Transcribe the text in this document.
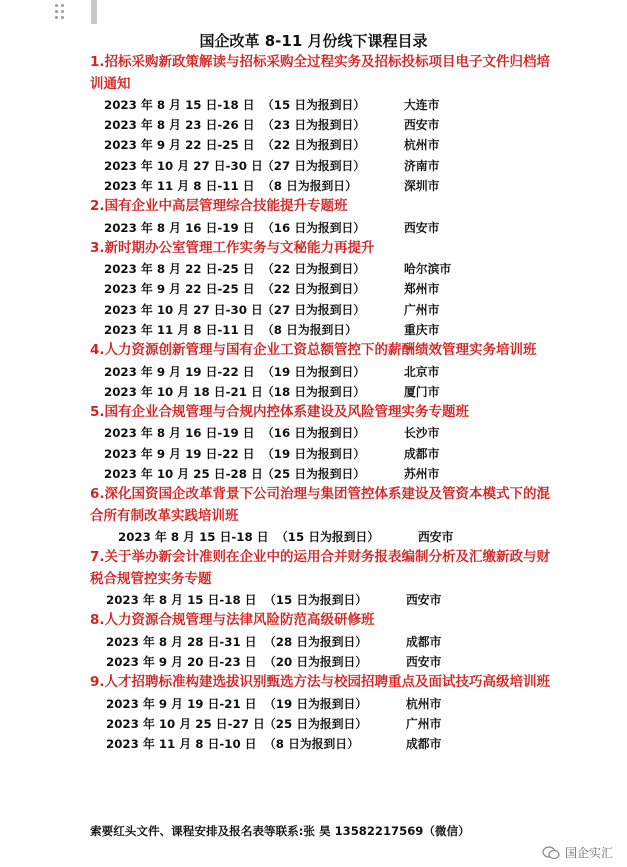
国企改革 8-11 月份线下课程目录
1.招标采购新政策解读与招标采购全过程实务及招标投标项目电子文件归档培训通知
2023 年 8 月 15 日-18 日 （15 日为报到日）	大连市
2023 年 8 月 23 日-26 日 （23 日为报到日）	西安市
2023 年 9 月 22 日-25 日 （22 日为报到日）	杭州市
2023 年 10 月 27 日-30 日 （27 日为报到日）	济南市
2023 年 11 月 8 日-11 日 （8 日为报到日）	深圳市
2.国有企业中高层管理综合技能提升专题班
2023 年 8 月 16 日-19 日 （16 日为报到日）	西安市
3.新时期办公室管理工作实务与文秘能力再提升
2023 年 8 月 22 日-25 日 （22 日为报到日）	哈尔滨市
2023 年 9 月 22 日-25 日 （22 日为报到日）	郑州市
2023 年 10 月 27 日-30 日 （27 日为报到日）	广州市
2023 年 11 月 8 日-11 日 （8 日为报到日）	重庆市
4.人力资源创新管理与国有企业工资总额管控下的薪酬绩效管理实务培训班
2023 年 9 月 19 日-22 日 （19 日为报到日）	北京市
2023 年 10 月 18 日-21 日 （18 日为报到日）	厦门市
5.国有企业合规管理与合规内控体系建设及风险管理实务专题班
2023 年 8 月 16 日-19 日 （16 日为报到日）	长沙市
2023 年 9 月 19 日-22 日 （19 日为报到日）	成都市
2023 年 10 月 25 日-28 日 （25 日为报到日）	苏州市
6.深化国资国企改革背景下公司治理与集团管控体系建设及管资本模式下的混合所有制改革实践培训班
2023 年 8 月 15 日-18 日 （15 日为报到日）	西安市
7.关于举办新会计准则在企业中的运用合并财务报表编制分析及汇缴新政与财税合规管控实务专题
2023 年 8 月 15 日-18 日 （15 日为报到日）	西安市
8.人力资源合规管理与法律风险防范高级研修班
2023 年 8 月 28 日-31 日 （28 日为报到日）	成都市
2023 年 9 月 20 日-23 日 （20 日为报到日）	西安市
9.人才招聘标准构建选拔识别甄选方法与校园招聘重点及面试技巧高级培训班
2023 年 9 月 19 日-21 日 （19 日为报到日）	杭州市
2023 年 10 月 25 日-27 日 （25 日为报到日）	广州市
2023 年 11 月 8 日-10 日 （8 日为报到日）	成都市
索要红头文件、课程安排及报名表等联系:张 昊 13582217569（微信）
国企实汇
